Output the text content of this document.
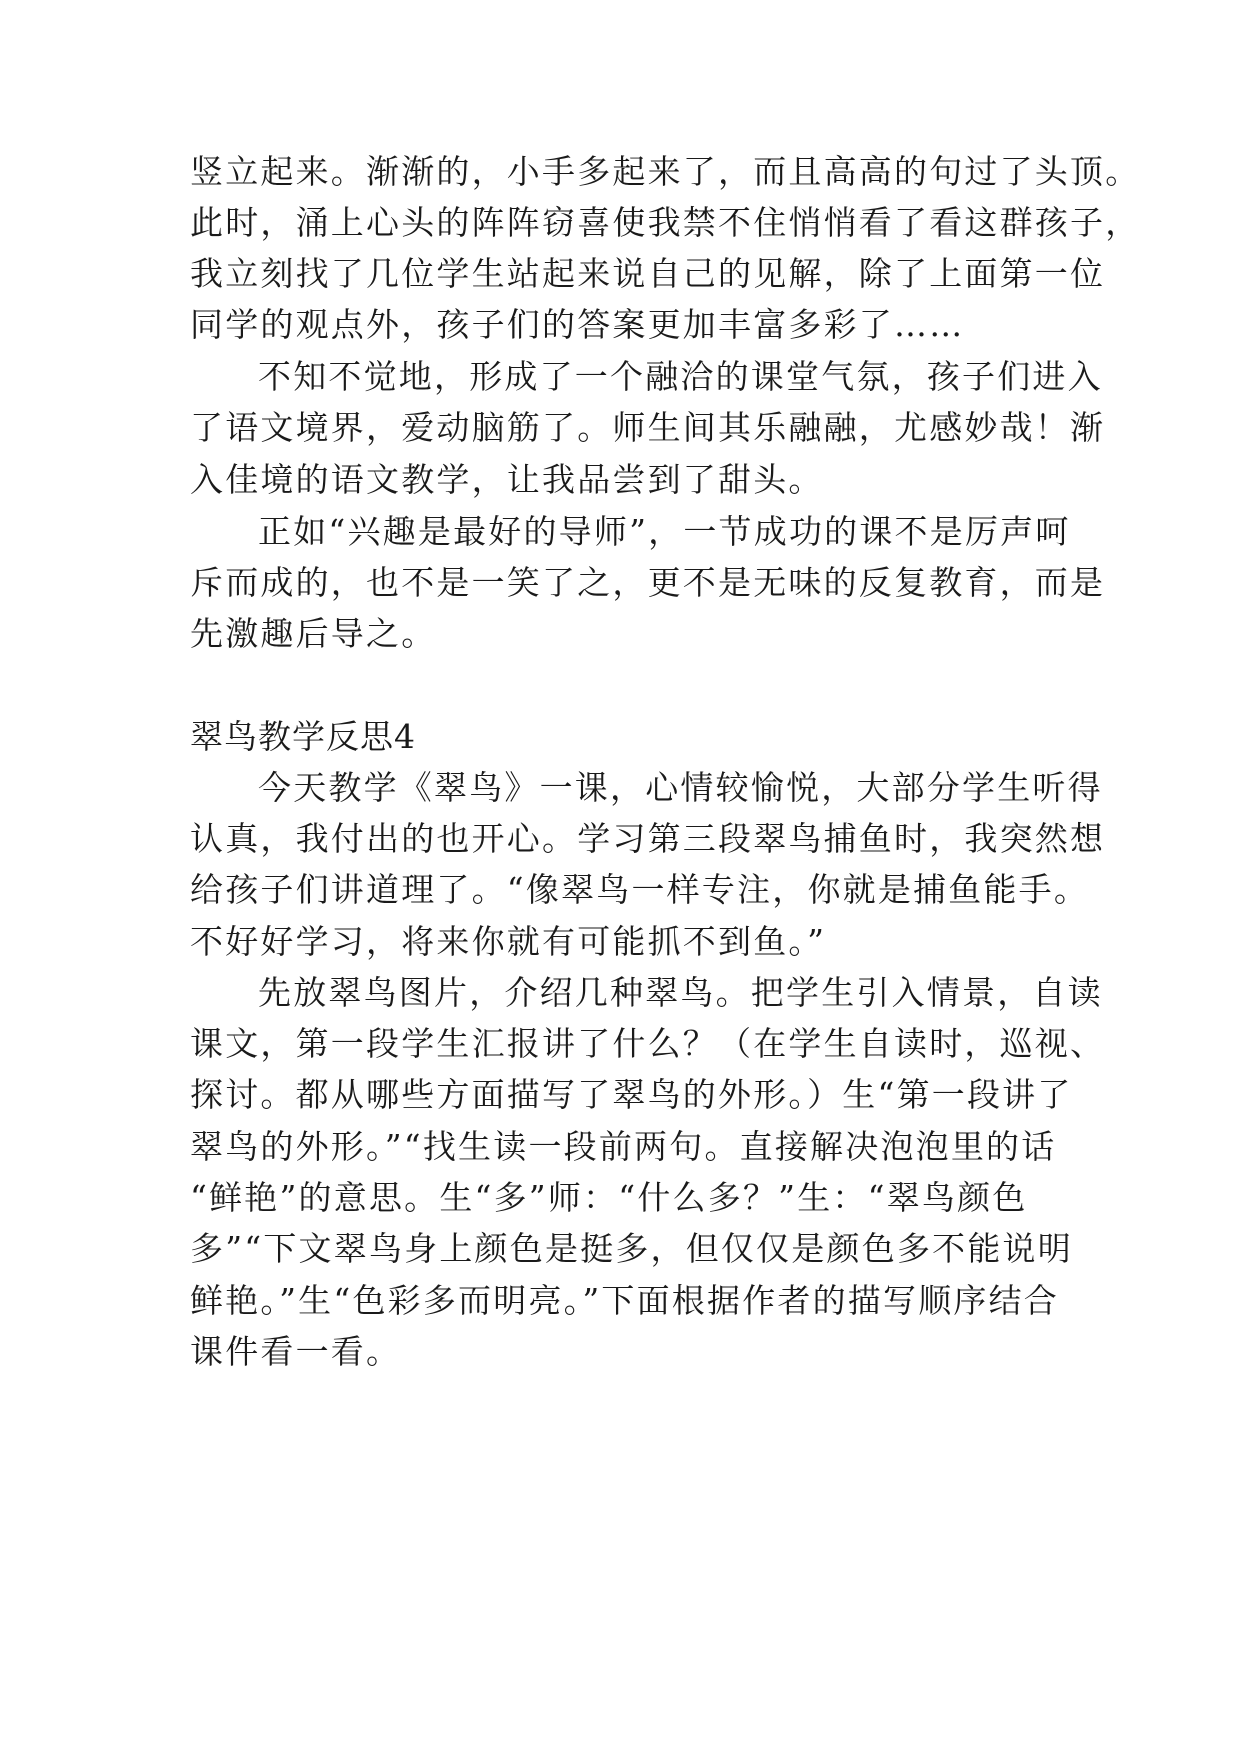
竖立起来。渐渐的，小手多起来了，而且高高的句过了头顶。
此时，涌上心头的阵阵窃喜使我禁不住悄悄看了看这群孩子，
我立刻找了几位学生站起来说自己的见解，除了上面第一位
同学的观点外，孩子们的答案更加丰富多彩了……
不知不觉地，形成了一个融洽的课堂气氛，孩子们进入
了语文境界，爱动脑筋了。师生间其乐融融，尤感妙哉！渐
入佳境的语文教学，让我品尝到了甜头。
正如“兴趣是最好的导师”，一节成功的课不是厉声呵
斥而成的，也不是一笑了之，更不是无味的反复教育，而是
先激趣后导之。
翠鸟教学反思4
今天教学《翠鸟》一课，心情较愉悦，大部分学生听得
认真，我付出的也开心。学习第三段翠鸟捕鱼时，我突然想
给孩子们讲道理了。“像翠鸟一样专注，你就是捕鱼能手。
不好好学习，将来你就有可能抓不到鱼。”
先放翠鸟图片，介绍几种翠鸟。把学生引入情景，自读
课文，第一段学生汇报讲了什么？（在学生自读时，巡视、
探讨。都从哪些方面描写了翠鸟的外形。）生“第一段讲了
翠鸟的外形。”“找生读一段前两句。直接解决泡泡里的话
“鲜艳”的意思。生“多”师：“什么多？”生：“翠鸟颜色
多”“下文翠鸟身上颜色是挺多，但仅仅是颜色多不能说明
鲜艳。”生“色彩多而明亮。”下面根据作者的描写顺序结合
课件看一看。
